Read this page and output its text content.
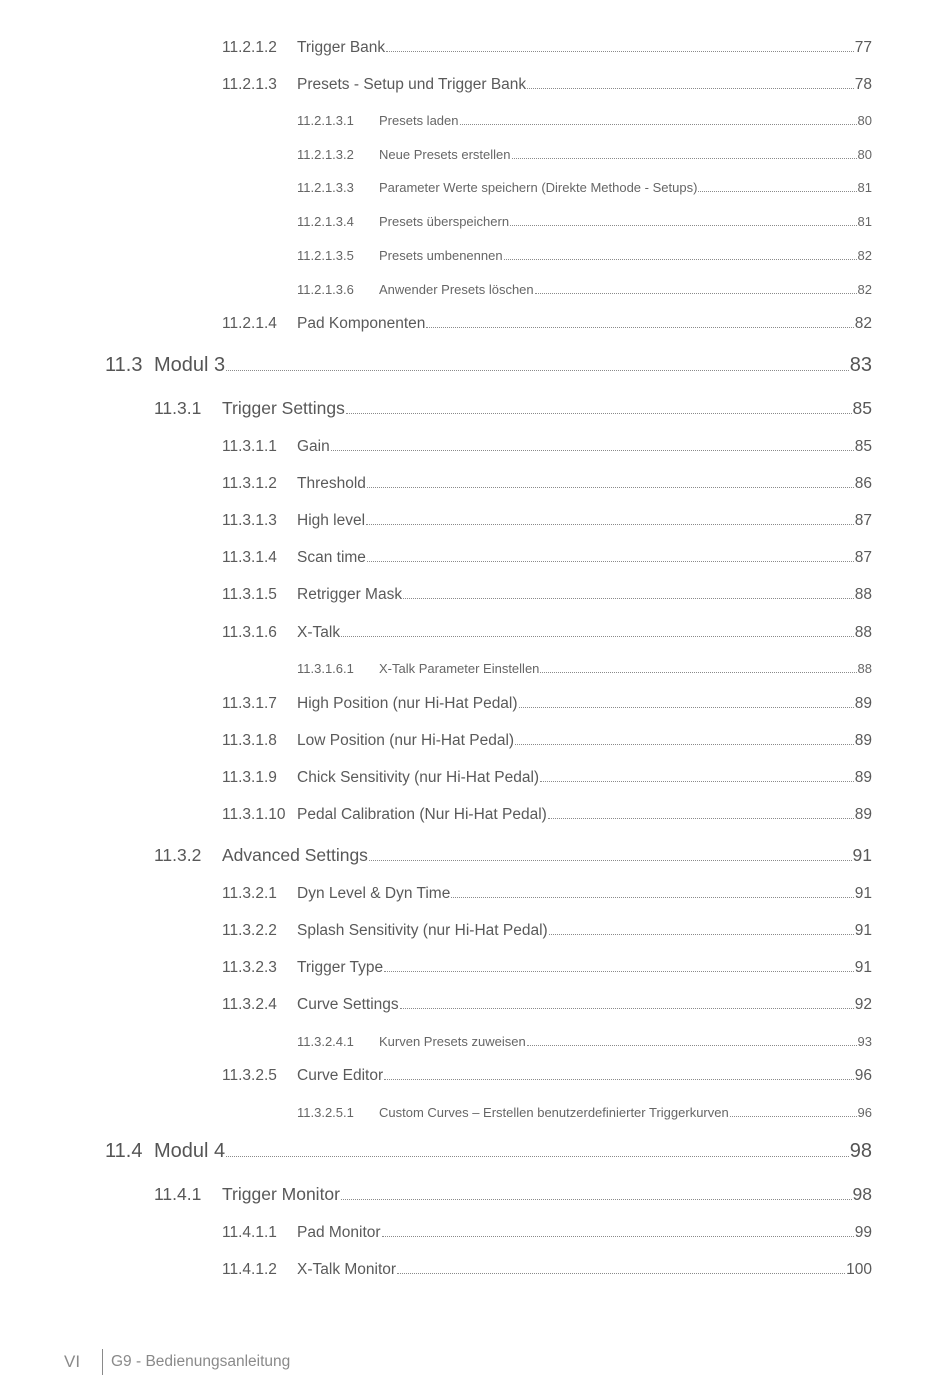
11.2.1.2	Trigger Bank	77
11.2.1.3	Presets - Setup und Trigger Bank	78
11.2.1.3.1	Presets laden	80
11.2.1.3.2	Neue Presets erstellen	80
11.2.1.3.3	Parameter Werte speichern (Direkte Methode - Setups)	81
11.2.1.3.4	Presets überspeichern	81
11.2.1.3.5	Presets umbenennen	82
11.2.1.3.6	Anwender Presets löschen	82
11.2.1.4	Pad Komponenten	82
11.3 Modul 3	83
11.3.1	Trigger Settings	85
11.3.1.1	Gain	85
11.3.1.2	Threshold	86
11.3.1.3	High level	87
11.3.1.4	Scan time	87
11.3.1.5	Retrigger Mask	88
11.3.1.6	X-Talk	88
11.3.1.6.1	X-Talk Parameter Einstellen	88
11.3.1.7	High Position (nur Hi-Hat Pedal)	89
11.3.1.8	Low Position (nur Hi-Hat Pedal)	89
11.3.1.9	Chick Sensitivity (nur Hi-Hat Pedal)	89
11.3.1.10 Pedal Calibration (Nur Hi-Hat Pedal)	89
11.3.2	Advanced Settings	91
11.3.2.1	Dyn Level & Dyn Time	91
11.3.2.2	Splash Sensitivity (nur Hi-Hat Pedal)	91
11.3.2.3	Trigger Type	91
11.3.2.4	Curve Settings	92
11.3.2.4.1	Kurven Presets zuweisen	93
11.3.2.5	Curve Editor	96
11.3.2.5.1	Custom Curves – Erstellen benutzerdefinierter Triggerkurven	96
11.4 Modul 4	98
11.4.1	Trigger Monitor	98
11.4.1.1	Pad Monitor	99
11.4.1.2	X-Talk Monitor	100
VI	G9 - Bedienungsanleitung
